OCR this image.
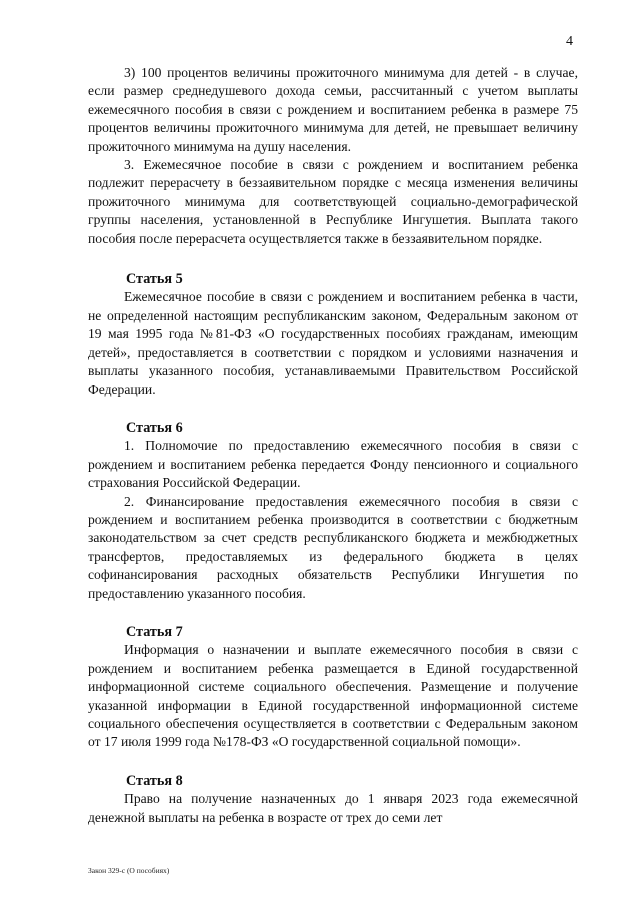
4

3) 100 процентов величины прожиточного минимума для детей - в случае, если размер среднедушевого дохода семьи, рассчитанный с учетом выплаты ежемесячного пособия в связи с рождением и воспитанием ребенка в размере 75 процентов величины прожиточного минимума для детей, не превышает величину прожиточного минимума на душу населения.

3. Ежемесячное пособие в связи с рождением и воспитанием ребенка подлежит перерасчету в беззаявительном порядке с месяца изменения величины прожиточного минимума для соответствующей социально-демографической группы населения, установленной в Республике Ингушетия. Выплата такого пособия после перерасчета осуществляется также в беззаявительном порядке.

Статья 5

Ежемесячное пособие в связи с рождением и воспитанием ребенка в части, не определенной настоящим республиканским законом, Федеральным законом от 19 мая 1995 года №81-ФЗ «О государственных пособиях гражданам, имеющим детей», предоставляется в соответствии с порядком и условиями назначения и выплаты указанного пособия, устанавливаемыми Правительством Российской Федерации.

Статья 6

1. Полномочие по предоставлению ежемесячного пособия в связи с рождением и воспитанием ребенка передается Фонду пенсионного и социального страхования Российской Федерации.

2. Финансирование предоставления ежемесячного пособия в связи с рождением и воспитанием ребенка производится в соответствии с бюджетным законодательством за счет средств республиканского бюджета и межбюджетных трансфертов, предоставляемых из федерального бюджета в целях софинансирования расходных обязательств Республики Ингушетия по предоставлению указанного пособия.

Статья 7

Информация о назначении и выплате ежемесячного пособия в связи с рождением и воспитанием ребенка размещается в Единой государственной информационной системе социального обеспечения. Размещение и получение указанной информации в Единой государственной информационной системе социального обеспечения осуществляется в соответствии с Федеральным законом от 17 июля 1999 года №178-ФЗ «О государственной социальной помощи».

Статья 8

Право на получение назначенных до 1 января 2023 года ежемесячной денежной выплаты на ребенка в возрасте от трех до семи лет

Закон 329-с (О пособиях)
